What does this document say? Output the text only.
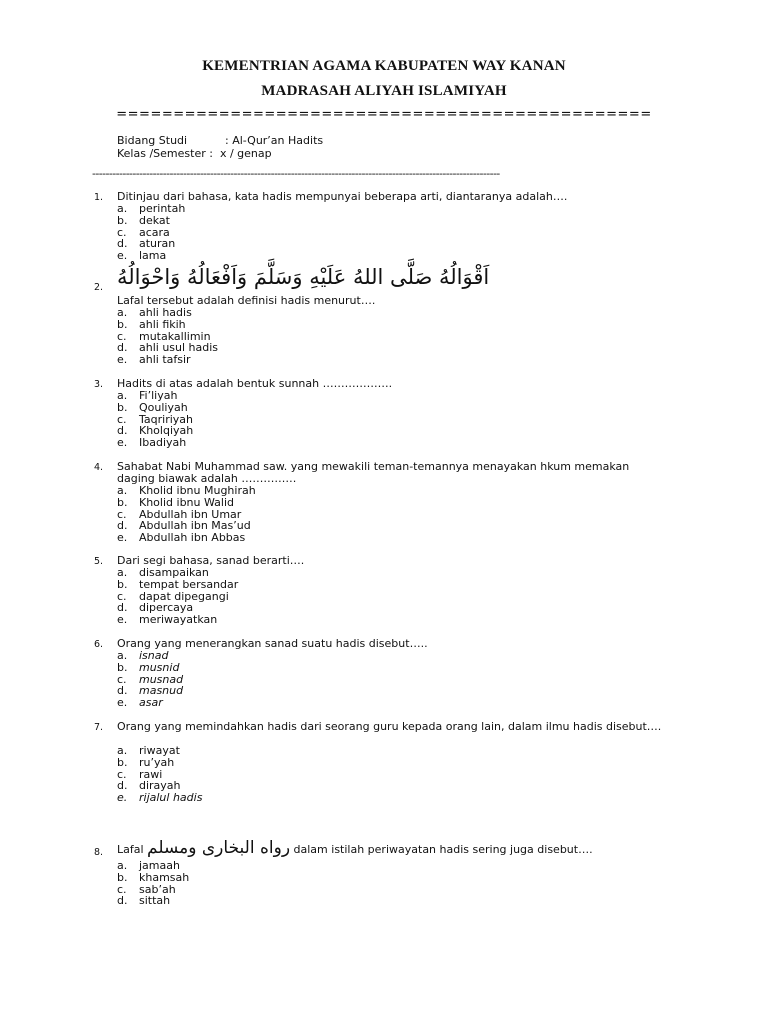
KEMENTRIAN AGAMA KABUPATEN WAY KANAN
MADRASAH ALIYAH ISLAMIYAH
===============================================
Bidang Studi	: Al-Qur’an Hadits
Kelas /Semester : x / genap
-------------------------------------------------------------------------------------------------------------------------
1. Ditinjau dari bahasa, kata hadis mempunyai beberapa arti, diantaranya adalah….
a. perintah
b. dekat
c. acara
d. aturan
e. lama
2. اَقْوَالُهُ صَلَّى اللهُ عَلَيْهِ وَسَلَّمَ وَاَفْعَالُهُ وَاحْوَالُهُ
Lafal tersebut adalah definisi hadis menurut….
a. ahli hadis
b. ahli fikih
c. mutakallimin
d. ahli usul hadis
e. ahli tafsir
3. Hadits di atas adalah bentuk sunnah ……………….
a. Fi’liyah
b. Qouliyah
c. Taqririyah
d. Kholqiyah
e. Ibadiyah
4. Sahabat Nabi Muhammad saw. yang mewakili teman-temannya menayakan hkum memakan daging biawak adalah ……………
a. Kholid ibnu Mughirah
b. Kholid ibnu Walid
c. Abdullah ibn Umar
d. Abdullah ibn Mas’ud
e. Abdullah ibn Abbas
5. Dari segi bahasa, sanad berarti….
a. disampaikan
b. tempat bersandar
c. dapat dipegangi
d. dipercaya
e. meriwayatkan
6. Orang yang menerangkan sanad suatu hadis disebut…..
a. isnad
b. musnid
c. musnad
d. masnud
e. asar
7. Orang yang memindahkan hadis dari seorang guru kepada orang lain, dalam ilmu hadis disebut….
a. riwayat
b. ru’yah
c. rawi
d. dirayah
e. rijalul hadis
8. Lafal رواه البخارى ومسلم dalam istilah periwayatan hadis sering juga disebut….
a. jamaah
b. khamsah
c. sab’ah
d. sittah
